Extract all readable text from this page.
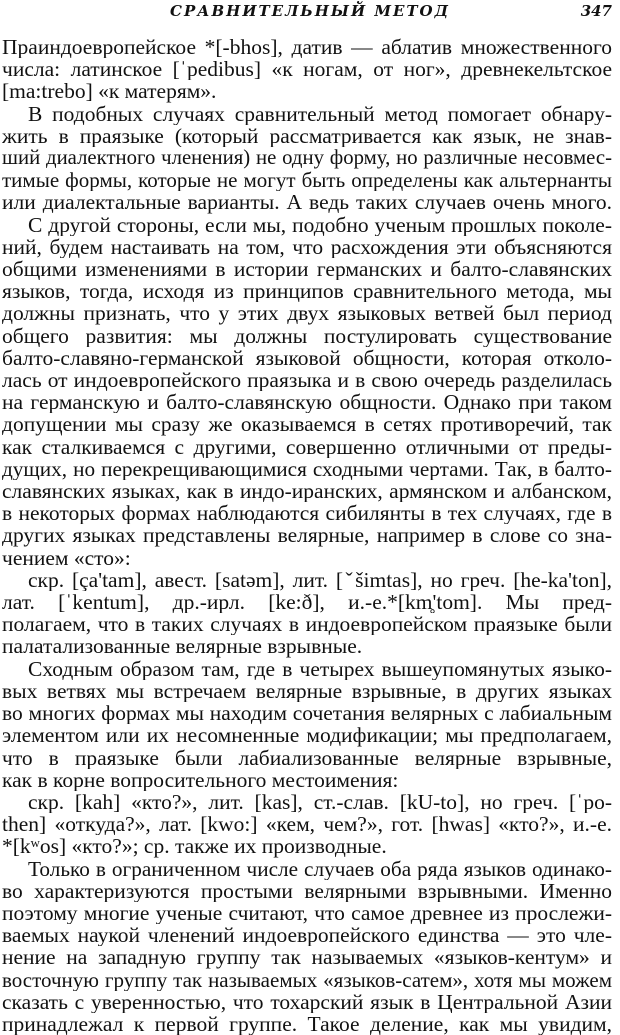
СРАВНИТЕЛЬНЫЙ МЕТОД	347
Праиндоевропейское *[-bhos], датив — аблатив множественного
числа: латинское [ˈpedibus] «к ногам, от ног», древнекельтское
[ma:trebo] «к матерям».
В подобных случаях сравнительный метод помогает обнару-
жить в праязыке (который рассматривается как язык, не знав-
ший диалектного членения) не одну форму, но различные несовмес-
тимые формы, которые не могут быть определены как альтернанты
или диалектальные варианты. А ведь таких случаев очень много.
С другой стороны, если мы, подобно ученым прошлых поколе-
ний, будем настаивать на том, что расхождения эти объясняются
общими изменениями в истории германских и балто-славянских
языков, тогда, исходя из принципов сравнительного метода, мы
должны признать, что у этих двух языковых ветвей был период
общего развития: мы должны постулировать существование
балто-славяно-германской языковой общности, которая отколо-
лась от индоевропейского праязыка и в свою очередь разделилась
на германскую и балто-славянскую общности. Однако при таком
допущении мы сразу же оказываемся в сетях противоречий, так
как сталкиваемся с другими, совершенно отличными от преды-
дущих, но перекрещивающимися сходными чертами. Так, в балто-
славянских языках, как в индо-иранских, армянском и албанском,
в некоторых формах наблюдаются сибилянты в тех случаях, где в
других языках представлены велярные, например в слове со зна-
чением «сто»:
скр. [ça'tam], авест. [satəm], лит. [ˇšimtas], но греч. [he-ka'ton],
лат. [ˈkentum], др.-ирл. [ke:ð], и.-е.*[km̥'tom]. Мы пред-
полагаем, что в таких случаях в индоевропейском праязыке были
палатализованные велярные взрывные.
Сходным образом там, где в четырех вышеупомянутых языко-
вых ветвях мы встречаем велярные взрывные, в других языках
во многих формах мы находим сочетания велярных с лабиальным
элементом или их несомненные модификации; мы предполагаем,
что в праязыке были лабиализованные велярные взрывные,
как в корне вопросительного местоимения:
скр. [kah] «кто?», лит. [kas], ст.-слав. [kU-to], но греч. [ˈpo-
then] «откуда?», лат. [kwo:] «кем, чем?», гот. [hwas] «кто?», и.-е.
*[kʷos] «кто?»; ср. также их производные.
Только в ограниченном числе случаев оба ряда языков одинако-
во характеризуются простыми велярными взрывными. Именно
поэтому многие ученые считают, что самое древнее из прослежи-
ваемых наукой членений индоевропейского единства — это чле-
нение на западную группу так называемых «языков-кентум» и
восточную группу так называемых «языков-сатем», хотя мы можем
сказать с уверенностью, что тохарский язык в Центральной Азии
принадлежал к первой группе. Такое деление, как мы увидим,
